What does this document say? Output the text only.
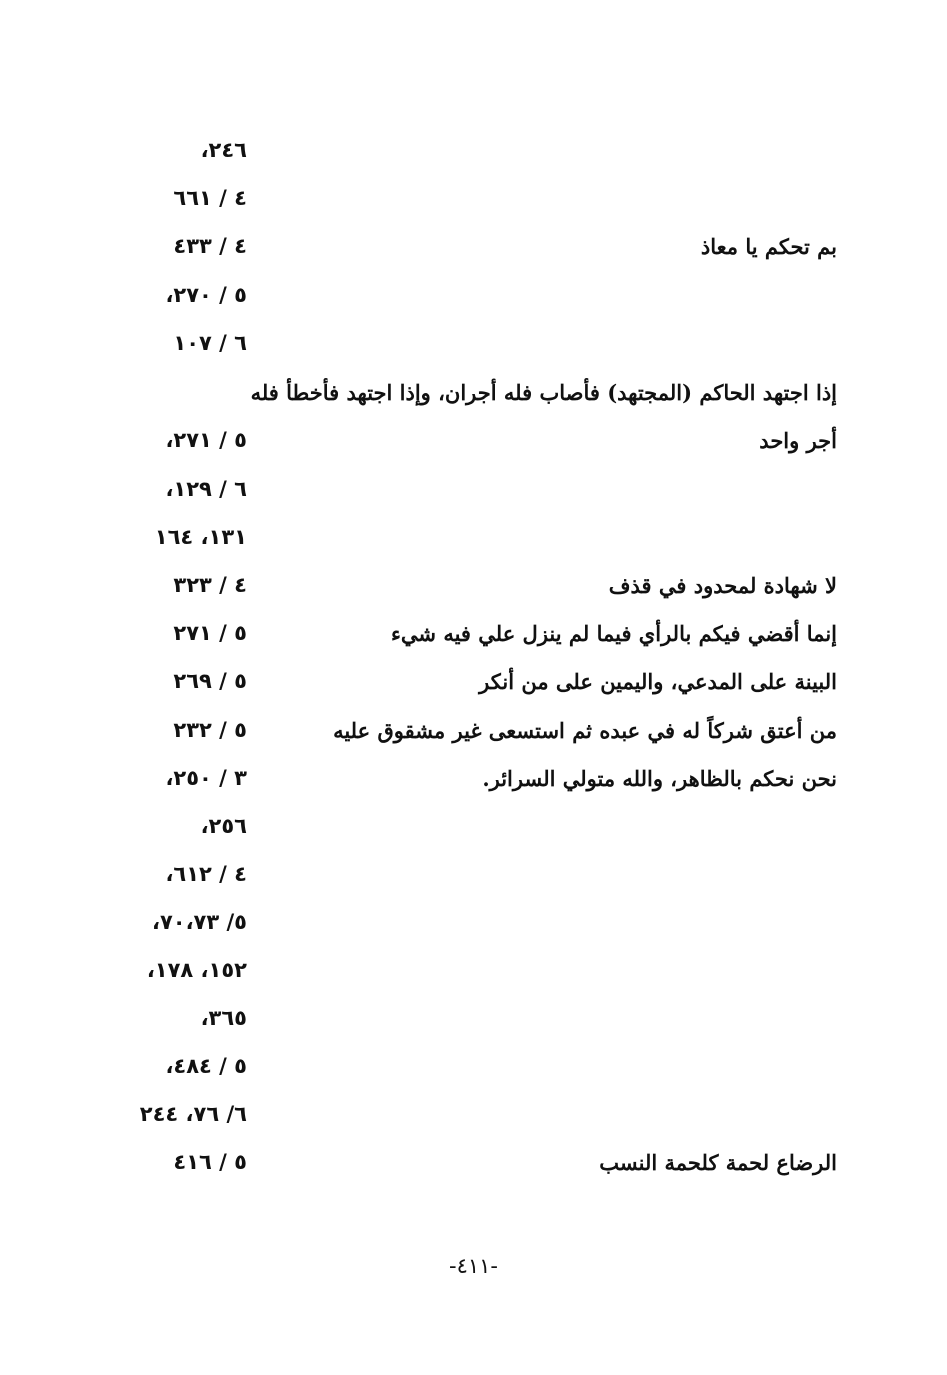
٢٤٦،
٤ / ٦٦١
٤ / ٤٣٣
٥ / ٢٧٠،
٦ / ١٠٧
٥ / ٢٧١،
٦ / ١٢٩،
١٣١، ١٦٤
٤ / ٣٢٣
٥ / ٢٧١
٥ / ٢٦٩
٥ / ٢٣٢
٣ / ٢٥٠،
٢٥٦،
٤ / ٦١٢،
٥/ ٧٠،٧٣،
١٥٢، ١٧٨،
٣٦٥،
٥ / ٤٨٤،
٦/ ٧٦، ٢٤٤
٥ / ٤١٦
بم تحكم يا معاذ
إذا اجتهد الحاكم (المجتهد) فأصاب فله أجران، وإذا اجتهد فأخطأ فله
أجر واحد
لا شهادة لمحدود في قذف
إنما أقضي فيكم بالرأي فيما لم ينزل علي فيه شيء
البينة على المدعي، واليمين على من أنكر
من أعتق شركاً له في عبده ثم استسعى غير مشقوق عليه
نحن نحكم بالظاهر، والله متولي السرائر.
الرضاع لحمة كلحمة النسب
-٤١١-
